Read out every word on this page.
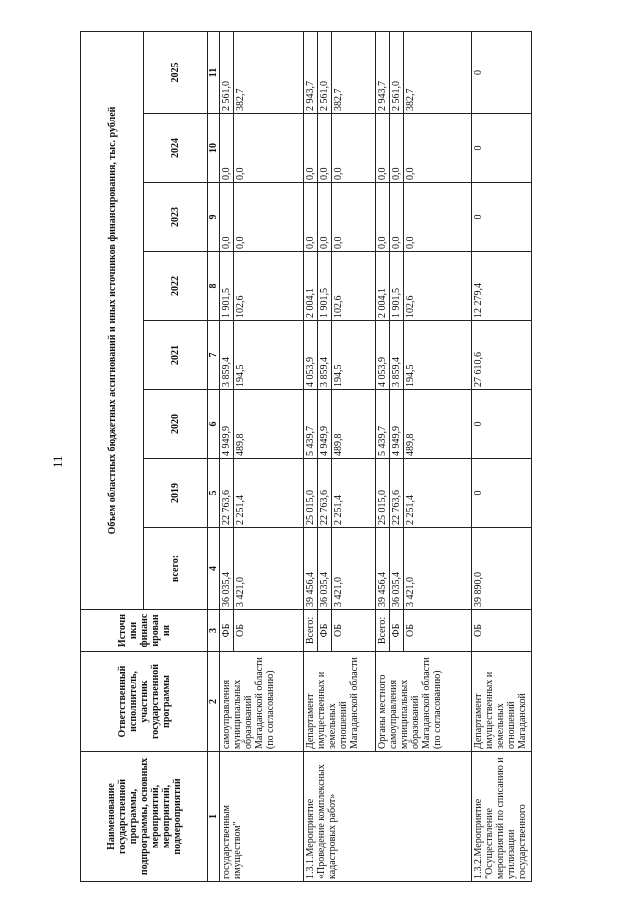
11
Наименование государственной программы, подпрограммы, основных мероприятий, мероприятий, подмероприятий	Ответственный исполнитель, участник государственной программы	Источники финансирования	Объем областных бюджетных ассигнований и иных источников финансирования, тыс. рублей							
			всего:	2019	2020	2021	2022	2023	2024	2025
1	2	3	4	5	6	7	8	9	10	11
государственным имуществом"	самоуправления муниципальных образований Магаданской области (по согласованию)	ФБ	36 035,4	22 763,6	4 949,9	3 859,4	1 901,5	0,0	0,0	2 561,0
		ОБ	3 421,0	2 251,4	489,8	194,5	102,6	0,0	0,0	382,7
1.3.1.Мероприятие «Проведение комплексных кадастровых работ»	Департамент имущественных и земельных отношений Магаданской области	Всего:	39 456,4	25 015,0	5 439,7	4 053,9	2 004,1	0,0	0,0	2 943,7
		ФБ	36 035,4	22 763,6	4 949,9	3 859,4	1 901,5	0,0	0,0	2 561,0
		ОБ	3 421,0	2 251,4	489,8	194,5	102,6	0,0	0,0	382,7
	Органы местного самоуправления муниципальных образований Магаданской области (по согласованию)	Всего:	39 456,4	25 015,0	5 439,7	4 053,9	2 004,1	0,0	0,0	2 943,7
		ФБ	36 035,4	22 763,6	4 949,9	3 859,4	1 901,5	0,0	0,0	2 561,0
		ОБ	3 421,0	2 251,4	489,8	194,5	102,6	0,0	0,0	382,7
1.3.2.Мероприятие "Осуществление мероприятий по списанию и утилизации государственного	Департамент имущественных и земельных отношений Магаданской	ОБ	39 890,0	0	0	27 610,6	12 279,4	0	0	0
